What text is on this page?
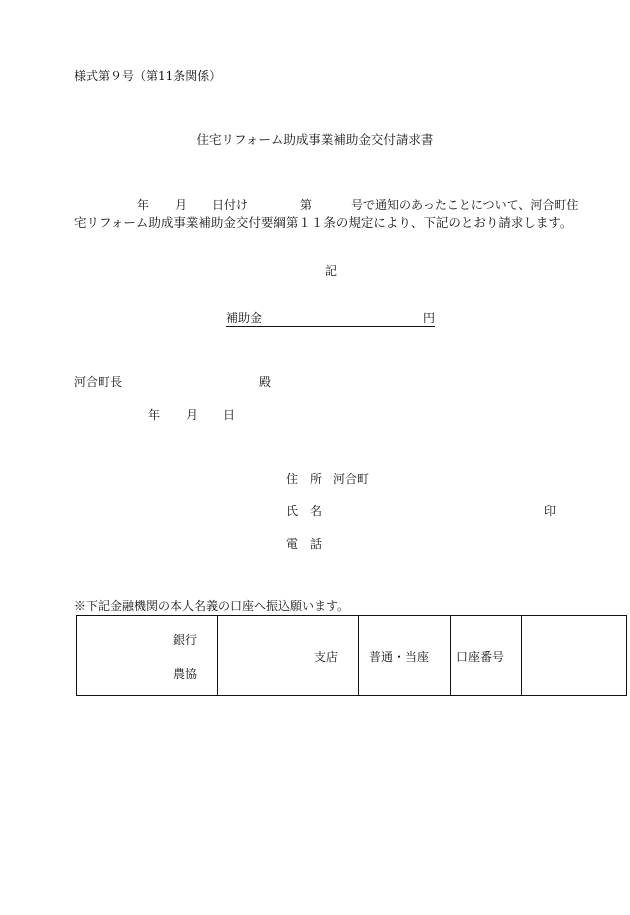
様式第９号（第11条関係）
住宅リフォーム助成事業補助金交付請求書
年 月 日付け	第	号で通知のあったことについて、河合町住
宅リフォーム助成事業補助金交付要綱第１１条の規定により、下記のとおり請求します。
記
補助金	円
河合町長	殿
年 月 日
住　所 河合町
氏　名	印
電　話
※下記金融機関の本人名義の口座へ振込願います。
銀行
農協
支店	普通・当座 口座番号
